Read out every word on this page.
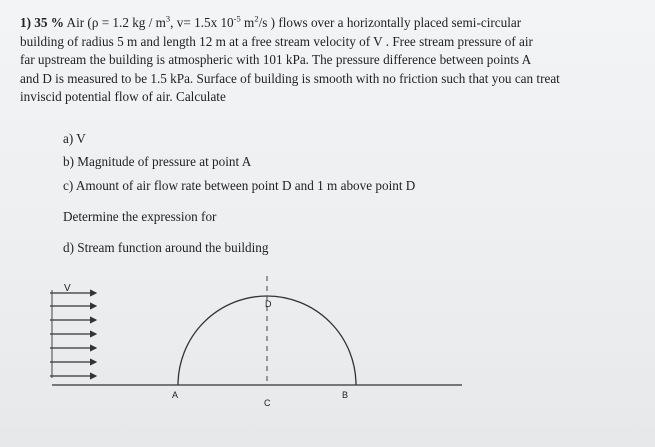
1) 35 % Air (ρ = 1.2 kg / $m^3$, v= 1.5x $10^{-5}$ $m^2/s$ ) flows over a horizontally placed semi-circular

building of radius 5 m and length 12 m at a free stream velocity of V . Free stream pressure of air

far upstream the building is atmospheric with 101 kPa. The pressure difference between points A

and D is measured to be 1.5 kPa. Surface of building is smooth with no friction such that you can treat

inviscid potential flow of air. Calculate

a) V
b) Magnitude of pressure at point A
c) Amount of air flow rate between point D and 1 m above point D
Determine the expression for
d) Stream function around the building
V
D
A
C
B
